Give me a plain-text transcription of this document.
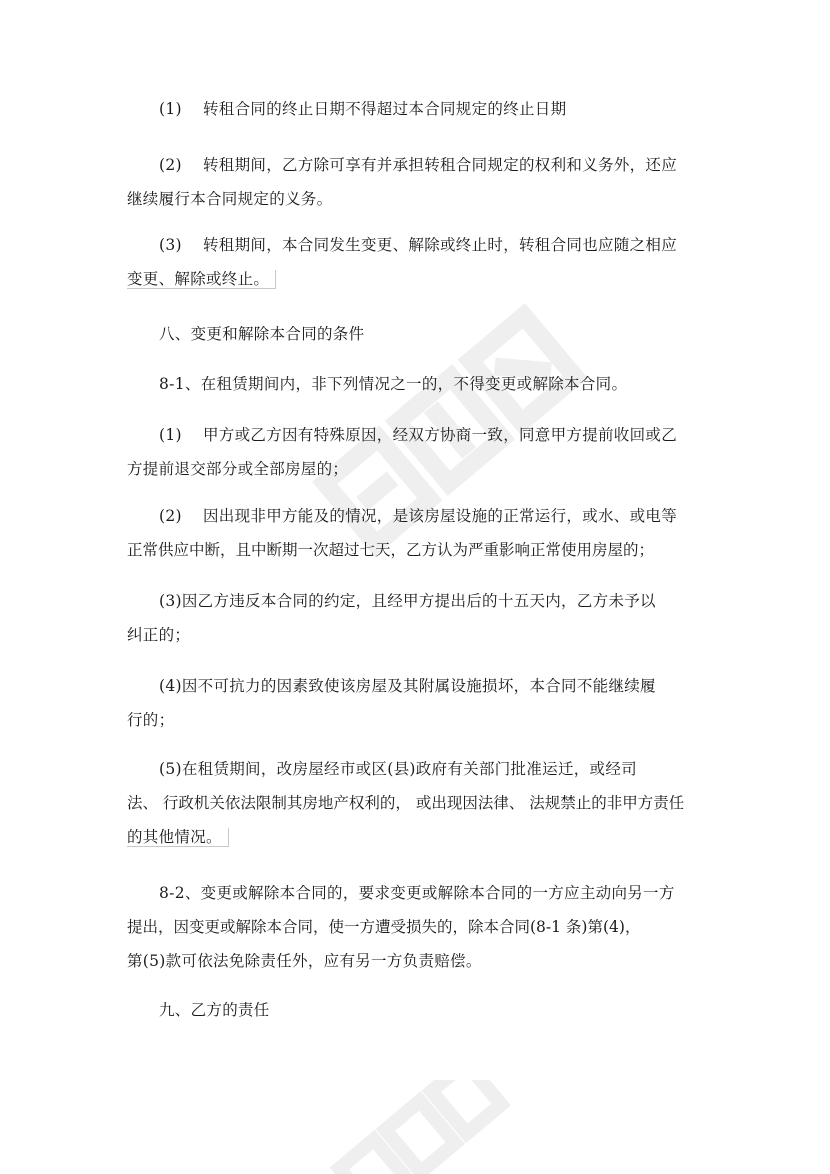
(1) 转租合同的终止日期不得超过本合同规定的终止日期
(2) 转租期间，乙方除可享有并承担转租合同规定的权利和义务外，还应
继续履行本合同规定的义务。
(3) 转租期间，本合同发生变更、解除或终止时，转租合同也应随之相应
变更、解除或终止。
八、变更和解除本合同的条件
8-1、在租赁期间内，非下列情况之一的，不得变更或解除本合同。
(1) 甲方或乙方因有特殊原因，经双方协商一致，同意甲方提前收回或乙
方提前退交部分或全部房屋的；
(2) 因出现非甲方能及的情况，是该房屋设施的正常运行，或水、或电等
正常供应中断，且中断期一次超过七天，乙方认为严重影响正常使用房屋的；
(3)因乙方违反本合同的约定，且经甲方提出后的十五天内，乙方未予以
纠正的；
(4)因不可抗力的因素致使该房屋及其附属设施损坏，本合同不能继续履
行的；
(5)在租赁期间，改房屋经市或区(县)政府有关部门批准运迁，或经司
法、 行政机关依法限制其房地产权利的， 或出现因法律、 法规禁止的非甲方责任
的其他情况。
8-2、变更或解除本合同的，要求变更或解除本合同的一方应主动向另一方
提出，因变更或解除本合同，使一方遭受损失的，除本合同(8-1 条)第(4)，
第(5)款可依法免除责任外，应有另一方负责赔偿。
九、乙方的责任
